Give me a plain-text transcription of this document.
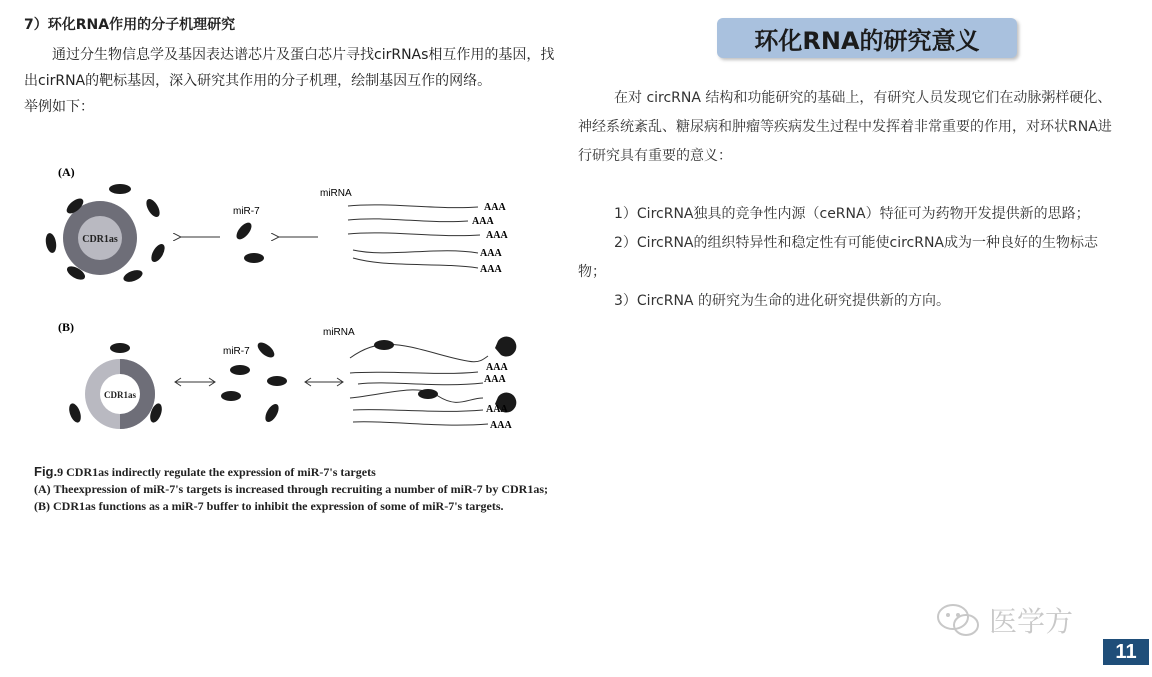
7）环化RNA作用的分子机理研究

通过分生物信息学及基因表达谱芯片及蛋白芯片寻找cirRNAs相互作用的基因，找出cirRNA的靶标基因，深入研究其作用的分子机理，绘制基因互作的网络。

举例如下：

(A)
CDR1as
miR-7
miRNA
AAA
AAA
AAA
AAA
AAA
(B)
CDR1as
miR-7
miRNA
AAA
AAA
AAA
AAA
Fig.9 CDR1as indirectly regulate the expression of miR-7's targets
(A) Theexpression of miR-7's targets is increased through recruiting a number of miR-7 by CDR1as; (B) CDR1as functions as a miR-7 buffer to inhibit the expression of some of miR-7's targets.
环化RNA的研究意义

在对 circRNA 结构和功能研究的基础上，有研究人员发现它们在动脉粥样硬化、神经系统紊乱、糖尿病和肿瘤等疾病发生过程中发挥着非常重要的作用，对环状RNA进行研究具有重要的意义：

1）CircRNA独具的竞争性内源（ceRNA）特征可为药物开发提供新的思路；

2）CircRNA的组织特异性和稳定性有可能使circRNA成为一种良好的生物标志物；

3）CircRNA 的研究为生命的进化研究提供新的方向。

医学方
11
